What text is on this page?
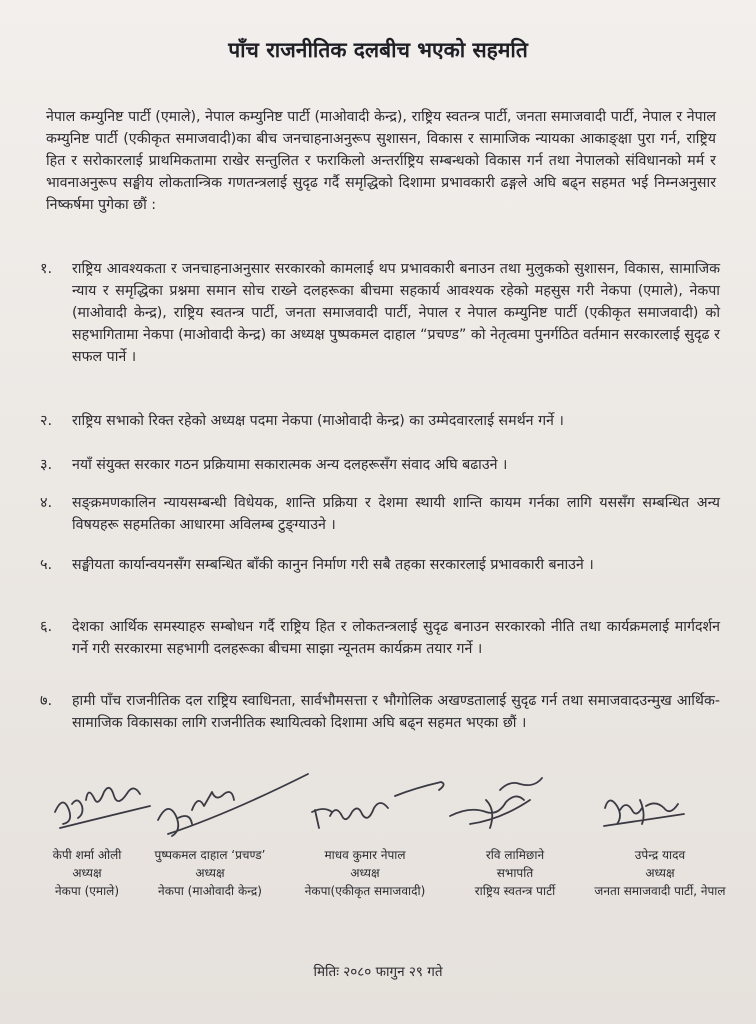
पाँच राजनीतिक दलबीच भएको सहमति
नेपाल कम्युनिष्ट पार्टी (एमाले), नेपाल कम्युनिष्ट पार्टी (माओवादी केन्द्र), राष्ट्रिय स्वतन्त्र पार्टी, जनता समाजवादी पार्टी, नेपाल र नेपाल कम्युनिष्ट पार्टी (एकीकृत समाजवादी)का बीच जनचाहनाअनुरूप सुशासन, विकास र सामाजिक न्यायका आकाङ्क्षा पुरा गर्न, राष्ट्रिय हित र सरोकारलाई प्राथमिकतामा राखेर सन्तुलित र फराकिलो अन्तर्राष्ट्रिय सम्बन्धको विकास गर्न तथा नेपालको संविधानको मर्म र भावनाअनुरूप सङ्घीय लोकतान्त्रिक गणतन्त्रलाई सुदृढ गर्दै समृद्धिको दिशामा प्रभावकारी ढङ्गले अघि बढ्न सहमत भई निम्नअनुसार निष्कर्षमा पुगेका छौं :
१.	राष्ट्रिय आवश्यकता र जनचाहनाअनुसार सरकारको कामलाई थप प्रभावकारी बनाउन तथा मुलुकको सुशासन, विकास, सामाजिक न्याय र समृद्धिका प्रश्नमा समान सोच राख्ने दलहरूका बीचमा सहकार्य आवश्यक रहेको महसुस गरी नेकपा (एमाले), नेकपा (माओवादी केन्द्र), राष्ट्रिय स्वतन्त्र पार्टी, जनता समाजवादी पार्टी, नेपाल र नेपाल कम्युनिष्ट पार्टी (एकीकृत समाजवादी) को सहभागितामा नेकपा (माओवादी केन्द्र) का अध्यक्ष पुष्पकमल दाहाल “प्रचण्ड” को नेतृत्वमा पुनर्गठित वर्तमान सरकारलाई सुदृढ र सफल पार्ने ।
२.	राष्ट्रिय सभाको रिक्त रहेको अध्यक्ष पदमा नेकपा (माओवादी केन्द्र) का उम्मेदवारलाई समर्थन गर्ने ।
३.	नयाँ संयुक्त सरकार गठन प्रक्रियामा सकारात्मक अन्य दलहरूसँग संवाद अघि बढाउने ।
४.	सङ्क्रमणकालिन न्यायसम्बन्धी विधेयक, शान्ति प्रक्रिया र देशमा स्थायी शान्ति कायम गर्नका लागि यससँग सम्बन्धित अन्य विषयहरू सहमतिका आधारमा अविलम्ब टुङ्ग्याउने ।
५.	सङ्घीयता कार्यान्वयनसँग सम्बन्धित बाँकी कानुन निर्माण गरी सबै तहका सरकारलाई प्रभावकारी बनाउने ।
६.	देशका आर्थिक समस्याहरु सम्बोधन गर्दै राष्ट्रिय हित र लोकतन्त्रलाई सुदृढ बनाउन सरकारको नीति तथा कार्यक्रमलाई मार्गदर्शन गर्ने गरी सरकारमा सहभागी दलहरूका बीचमा साझा न्यूनतम कार्यक्रम तयार गर्ने ।
७.	हामी पाँच राजनीतिक दल राष्ट्रिय स्वाधिनता, सार्वभौमसत्ता र भौगोलिक अखण्डतालाई सुदृढ गर्न तथा समाजवादउन्मुख आर्थिक-सामाजिक विकासका लागि राजनीतिक स्थायित्वको दिशामा अघि बढ्न सहमत भएका छौं ।
केपी शर्मा ओली
अध्यक्ष
नेकपा (एमाले)
पुष्पकमल दाहाल ‘प्रचण्ड’
अध्यक्ष
नेकपा (माओवादी केन्द्र)
माधव कुमार नेपाल
अध्यक्ष
नेकपा(एकीकृत समाजवादी)
रवि लामिछाने
सभापति
राष्ट्रिय स्वतन्त्र पार्टी
उपेन्द्र यादव
अध्यक्ष
जनता समाजवादी पार्टी, नेपाल
मितिः २०८० फागुन २९ गते
